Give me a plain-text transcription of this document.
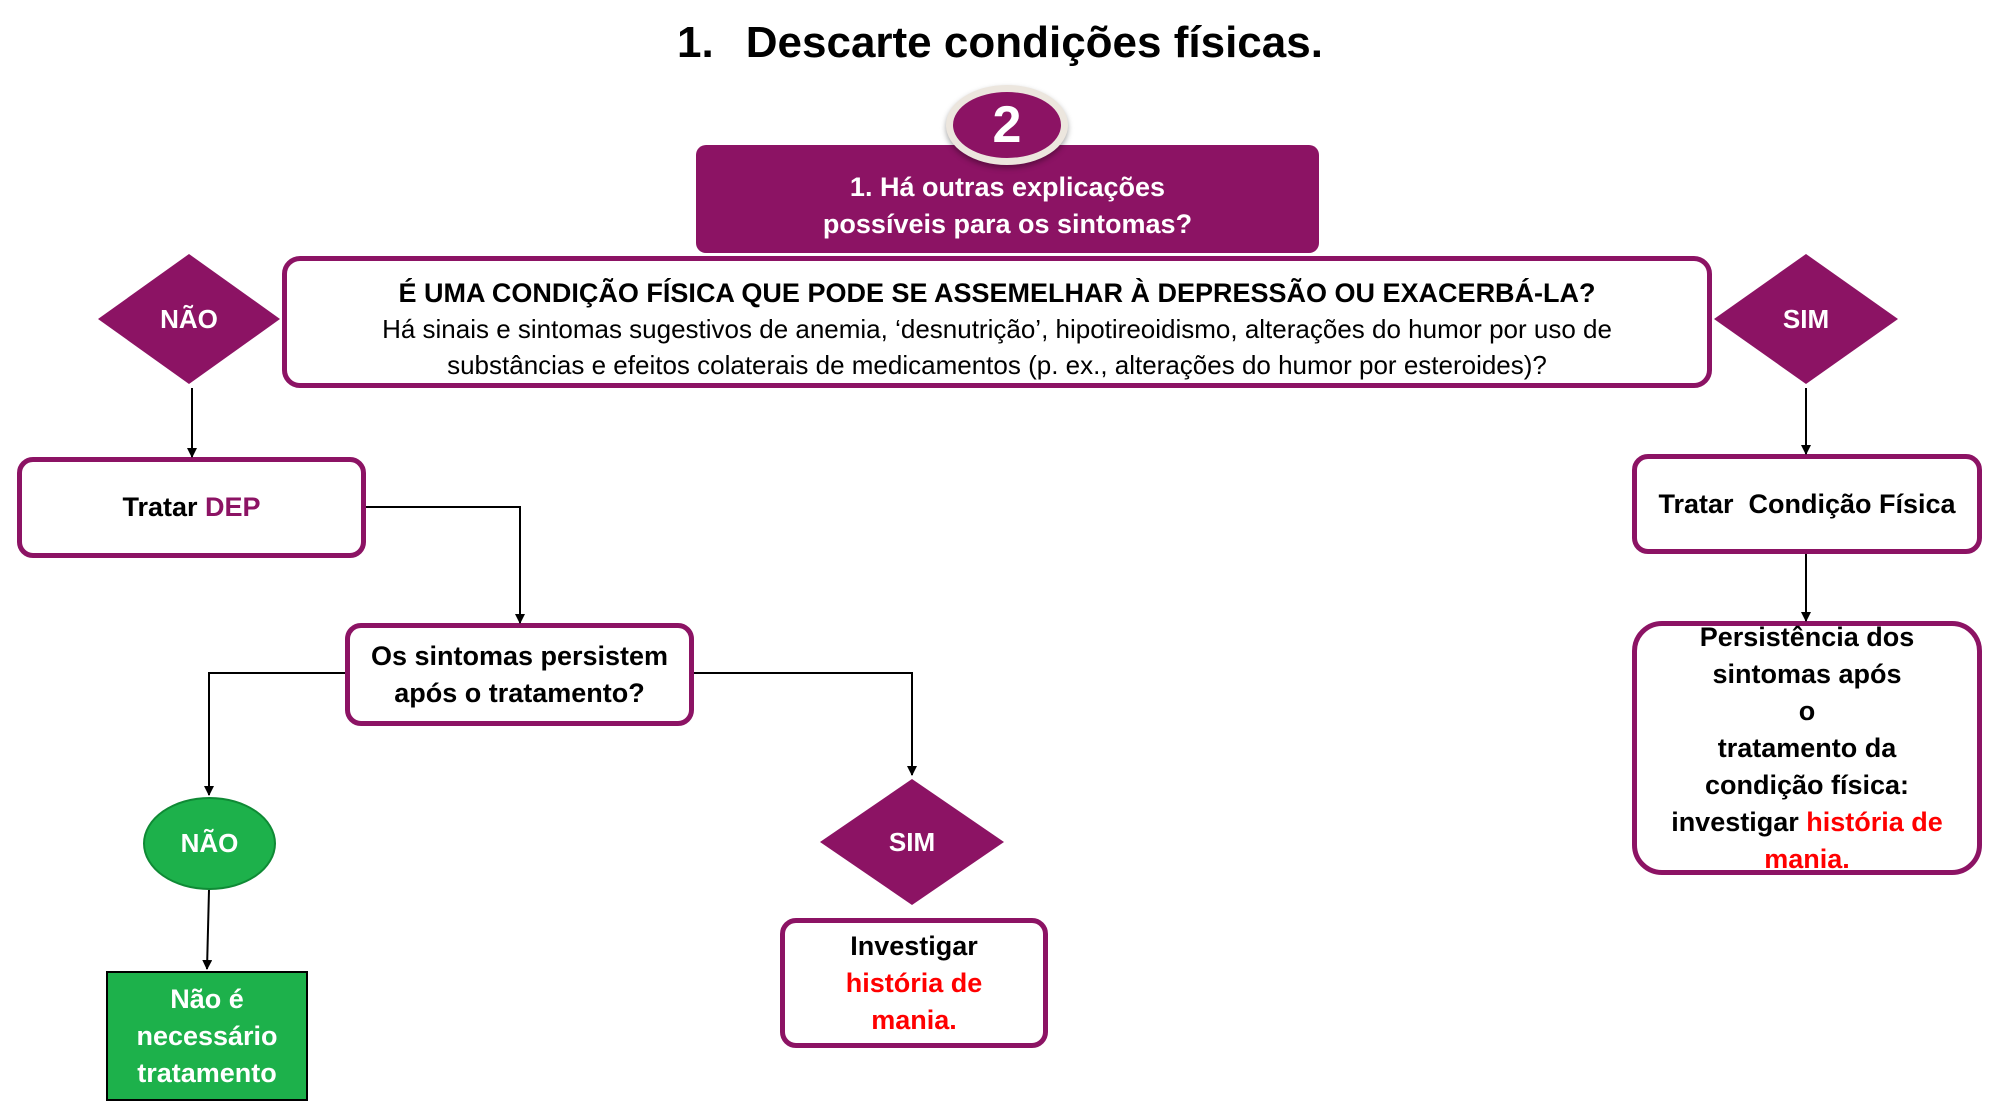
1. Descarte condições físicas.
1. Há outras explicações
possíveis para os sintomas?
2
É UMA CONDIÇÃO FÍSICA QUE PODE SE ASSEMELHAR À DEPRESSÃO OU EXACERBÁ-LA?
Há sinais e sintomas sugestivos de anemia, ‘desnutrição’, hipotireoidismo, alterações do humor por uso de
substâncias e efeitos colaterais de medicamentos (p. ex., alterações do humor por esteroides)?
NÃO	SIM
Tratar DEP
Os sintomas persistem
após o tratamento?
NÃO
Não é
necessário
tratamento
SIM
Investigar
história de
mania.
Tratar  Condição Física
Persistência dos
sintomas após
o
tratamento da
condição física:
investigar história de
mania.
